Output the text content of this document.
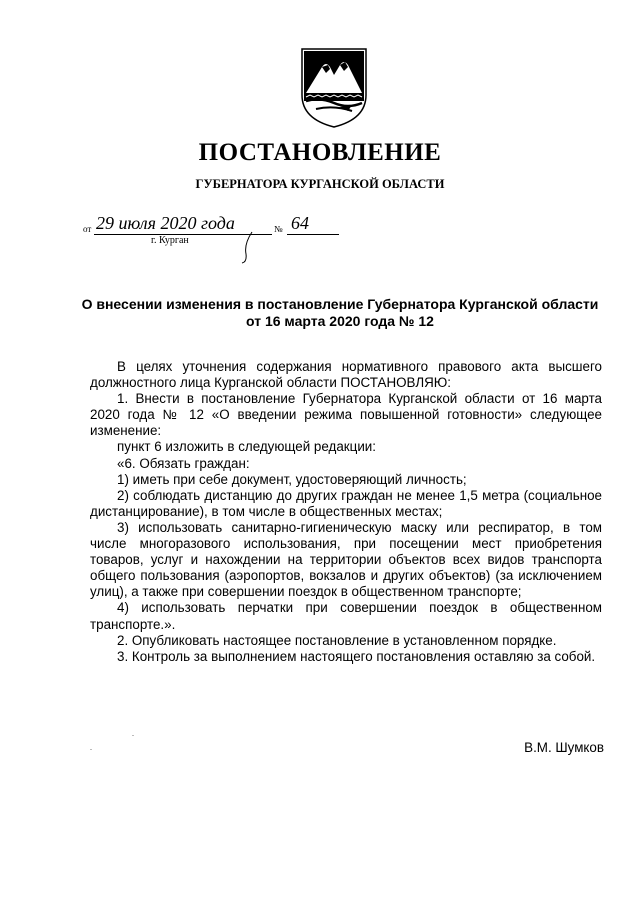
ПОСТАНОВЛЕНИЕ
ГУБЕРНАТОРА КУРГАНСКОЙ ОБЛАСТИ
от 29 июля 2020 года	№ 64
г. Курган
О внесении изменения в постановление Губернатора Курганской области
от 16 марта 2020 года № 12

В целях уточнения содержания нормативного правового акта высшего должностного лица Курганской области ПОСТАНОВЛЯЮ:

1. Внести в постановление Губернатора Курганской области от 16 марта 2020 года № 12 «О введении режима повышенной готовности» следующее изменение:

пункт 6 изложить в следующей редакции:

«6. Обязать граждан:

1) иметь при себе документ, удостоверяющий личность;

2) соблюдать дистанцию до других граждан не менее 1,5 метра (социальное дистанцирование), в том числе в общественных местах;

3) использовать санитарно-гигиеническую маску или респиратор, в том числе многоразового использования, при посещении мест приобретения товаров, услуг и нахождении на территории объектов всех видов транспорта общего пользования (аэропортов, вокзалов и других объектов) (за исключением улиц), а также при совершении поездок в общественном транспорте;

4) использовать перчатки при совершении поездок в общественном транспорте.».

2. Опубликовать настоящее постановление в установленном порядке.

3. Контроль за выполнением настоящего постановления оставляю за собой.

В.М. Шумков
